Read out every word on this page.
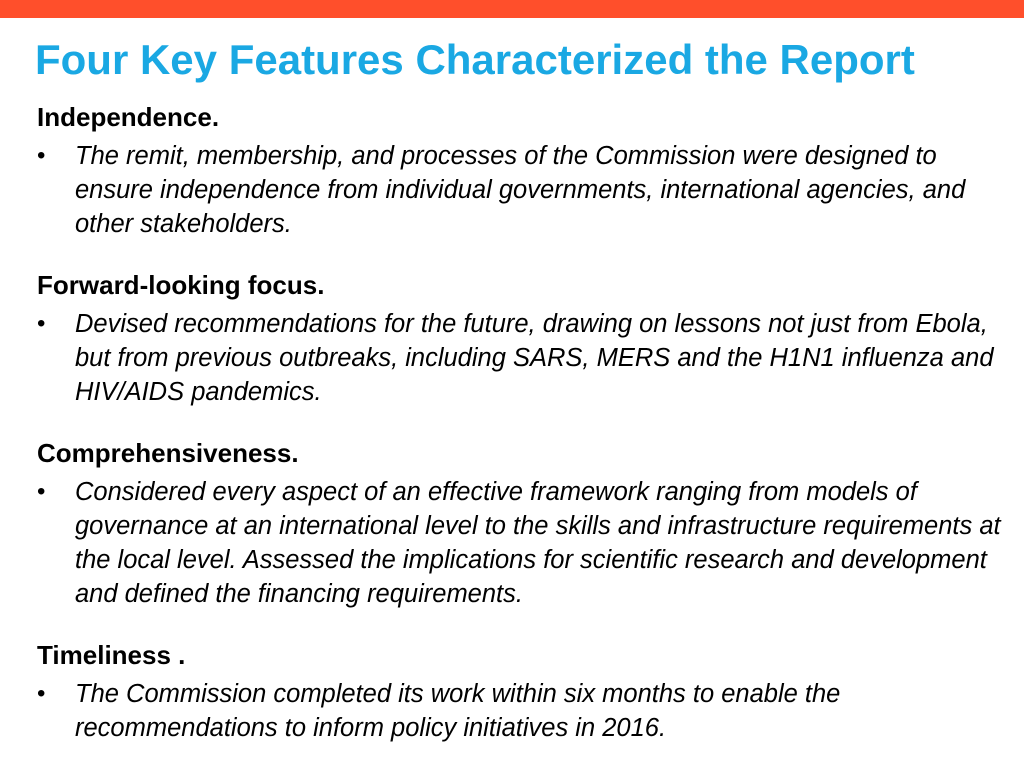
Four Key Features Characterized the Report
Independence.
• The remit, membership, and processes of the Commission were designed to ensure independence from individual governments, international agencies, and other stakeholders.

Forward-looking focus.
• Devised recommendations for the future, drawing on lessons not just from Ebola, but from previous outbreaks, including SARS, MERS and the H1N1 influenza and HIV/AIDS pandemics.

Comprehensiveness.
• Considered every aspect of an effective framework ranging from models of governance at an international level to the skills and infrastructure requirements at the local level. Assessed the implications for scientific research and development and defined the financing requirements.

Timeliness .
• The Commission completed its work within six months to enable the recommendations to inform policy initiatives in 2016.
